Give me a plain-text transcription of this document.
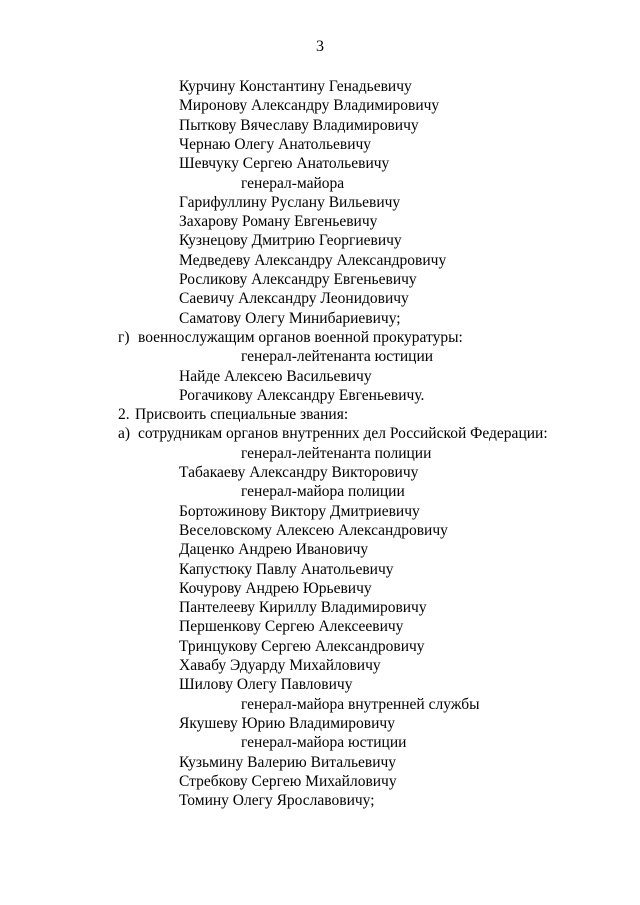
3
Курчину Константину Генадьевичу
Миронову Александру Владимировичу
Пыткову Вячеславу Владимировичу
Чернаю Олегу Анатольевичу
Шевчуку Сергею Анатольевичу
генерал-майора
Гарифуллину Руслану Вильевичу
Захарову Роману Евгеньевичу
Кузнецову Дмитрию Георгиевичу
Медведеву Александру Александровичу
Росликову Александру Евгеньевичу
Саевичу Александру Леонидовичу
Саматову Олегу Минибариевичу;
г) военнослужащим органов военной прокуратуры:
генерал-лейтенанта юстиции
Найде Алексею Васильевичу
Рогачикову Александру Евгеньевичу.
2. Присвоить специальные звания:
а) сотрудникам органов внутренних дел Российской Федерации:
генерал-лейтенанта полиции
Табакаеву Александру Викторовичу
генерал-майора полиции
Бортожинову Виктору Дмитриевичу
Веселовскому Алексею Александровичу
Даценко Андрею Ивановичу
Капустюку Павлу Анатольевичу
Кочурову Андрею Юрьевичу
Пантелееву Кириллу Владимировичу
Першенкову Сергею Алексеевичу
Тринцукову Сергею Александровичу
Хавабу Эдуарду Михайловичу
Шилову Олегу Павловичу
генерал-майора внутренней службы
Якушеву Юрию Владимировичу
генерал-майора юстиции
Кузьмину Валерию Витальевичу
Стребкову Сергею Михайловичу
Томину Олегу Ярославовичу;
